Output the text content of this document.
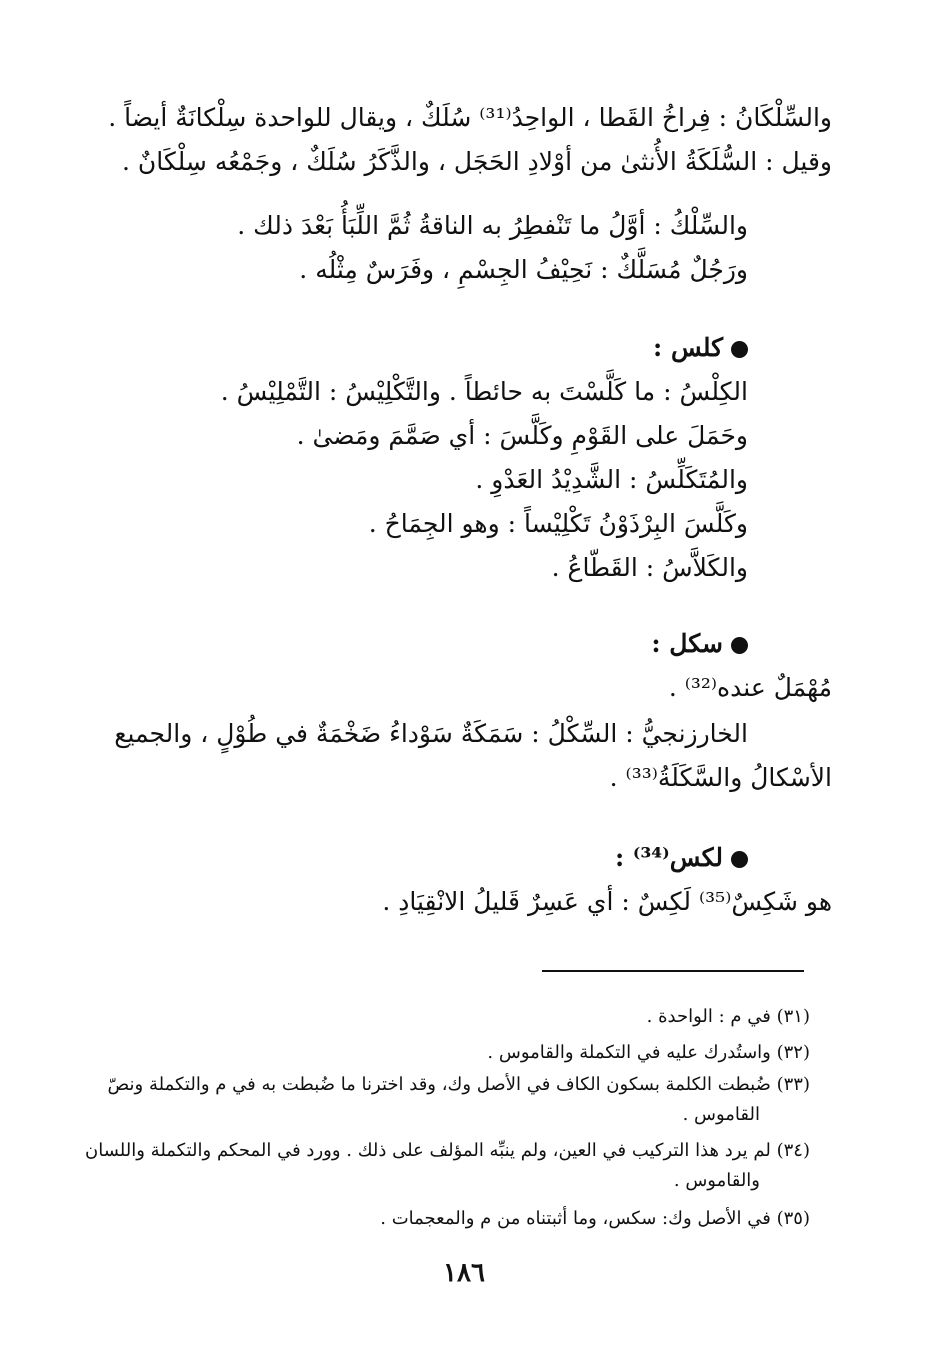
والسِّلْكَانُ : فِراخُ القَطا ، الواحِدُ⁽³¹⁾ سُلَكٌ ، ويقال للواحدة سِلْكانَةٌ أيضاً .
وقيل : السُّلَكَةُ الأُنثىٰ من أوْلادِ الحَجَل ، والذَّكَرُ سُلَكٌ ، وجَمْعُه سِلْكَانٌ .
والسِّلْكُ : أوَّلُ ما تَنْفطِرُ به الناقةُ ثُمَّ اللِّبَأُ بَعْدَ ذلك .
ورَجُلٌ مُسَلَّكٌ : نَحِيْفُ الجِسْمِ ، وفَرَسٌ مِثْلُه .
كلس :
الكِلْسُ : ما كَلَّسْتَ به حائطاً . والتَّكْلِيْسُ : التَّمْلِيْسُ .
وحَمَلَ على القَوْمِ وكَلَّسَ : أي صَمَّمَ ومَضىٰ .
والمُتَكَلِّسُ : الشَّدِيْدُ العَدْوِ .
وكَلَّسَ البِرْذَوْنُ تَكْلِيْساً : وهو الجِمَاحُ .
والكَلاَّسُ : القَطّاعُ .
سكل :
مُهْمَلٌ عنده⁽³²⁾ .
الخارزنجيُّ : السِّكْلُ : سَمَكَةٌ سَوْداءُ ضَخْمَةٌ في طُوْلٍ ، والجميع
الأسْكالُ والسَّكَلَةُ⁽³³⁾ .
لكس⁽³⁴⁾ :
هو شَكِسٌ⁽³⁵⁾ لَكِسٌ : أي عَسِرٌ قَليلُ الانْقِيَادِ .
(٣١) في م : الواحدة .
(٣٢) واستُدرك عليه في التكملة والقاموس .
(٣٣) ضُبطت الكلمة بسكون الكاف في الأصل وك، وقد اخترنا ما ضُبطت به في م والتكملة ونصّ
القاموس .
(٣٤) لم يرد هذا التركيب في العين، ولم ينبِّه المؤلف على ذلك . وورد في المحكم والتكملة واللسان
والقاموس .
(٣٥) في الأصل وك: سكس، وما أثبتناه من م والمعجمات .
١٨٦
